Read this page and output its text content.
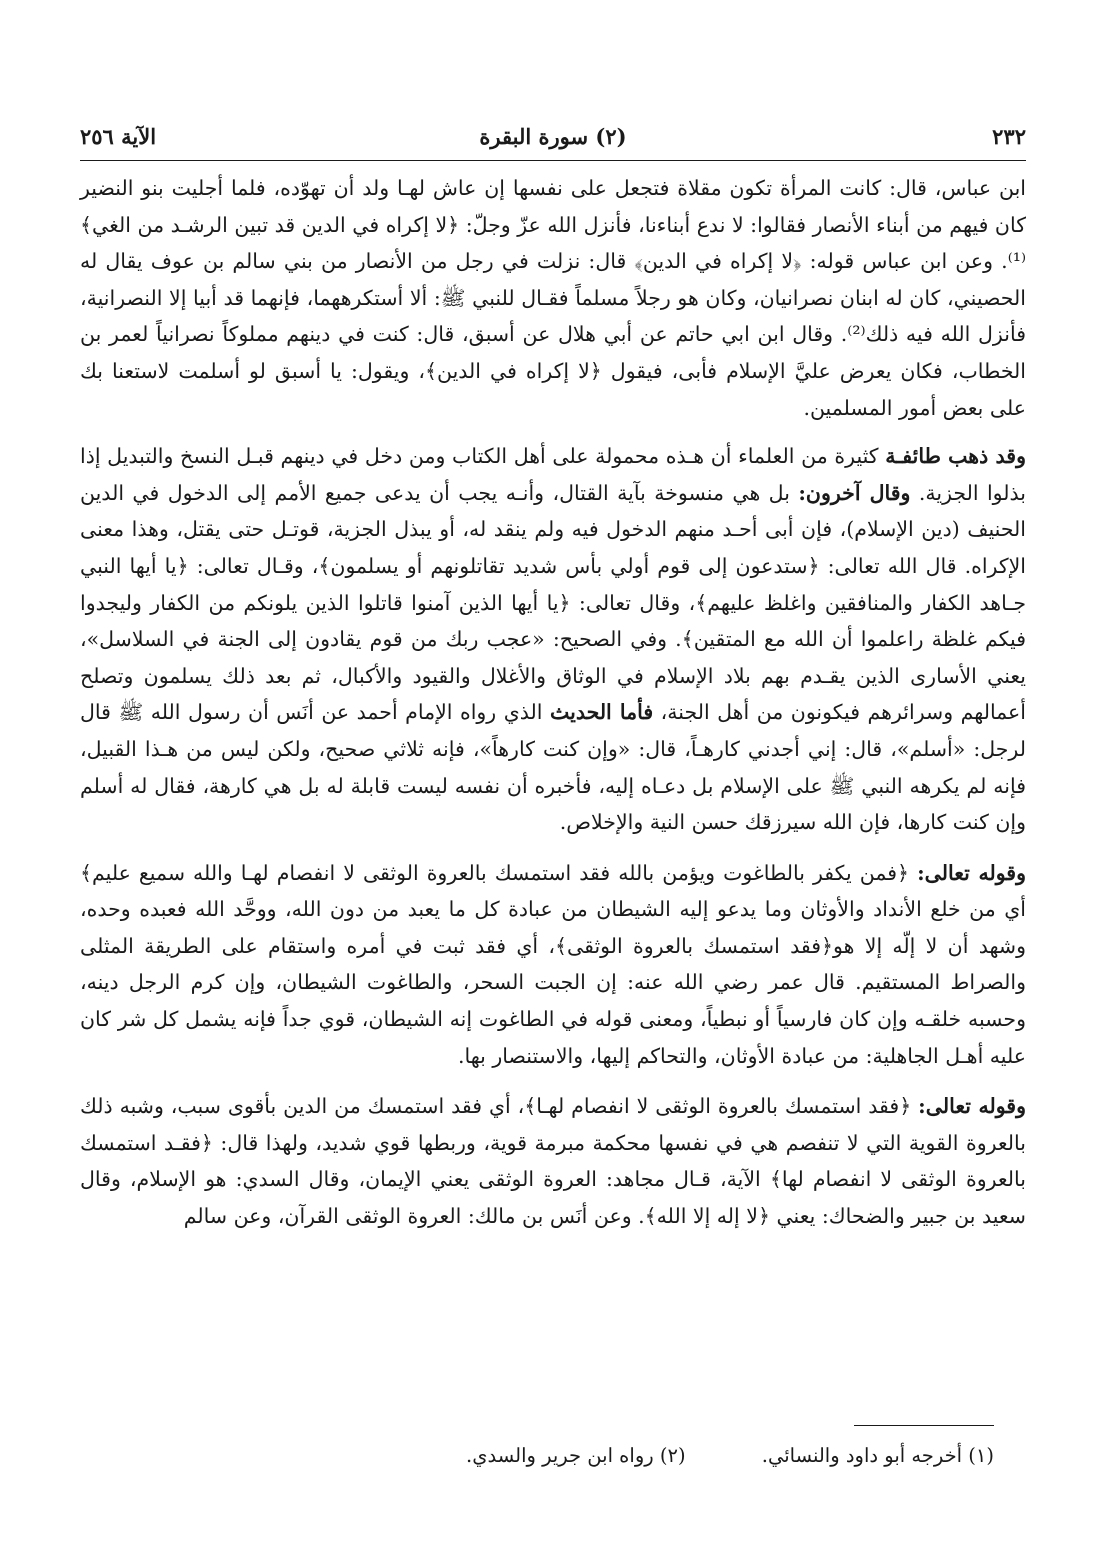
٢٣٢
(٢) سورة البقرة
الآية ٢٥٦

ابن عباس، قال: كانت المرأة تكون مقلاة فتجعل على نفسها إن عاش لهـا ولد أن تهوّده، فلما أجليت بنو النضير كان فيهم من أبناء الأنصار فقالوا: لا ندع أبناءنا، فأنزل الله عزّ وجلّ: ﴿لا إكراه في الدين قد تبين الرشـد من الغي﴾⁽¹⁾. وعن ابن عباس قوله: ﴿لا إكراه في الدين﴾ قال: نزلت في رجل من الأنصار من بني سالم بن عوف يقال له الحصيني، كان له ابنان نصرانيان، وكان هو رجلاً مسلماً فقـال للنبي ﷺ: ألا أستكرههما، فإنهما قد أبيا إلا النصرانية، فأنزل الله فيه ذلك⁽²⁾. وقال ابن ابي حاتم عن أبي هلال عن أسبق، قال: كنت في دينهم مملوكاً نصرانياً لعمر بن الخطاب، فكان يعرض عليَّ الإسلام فأبى، فيقول ﴿لا إكراه في الدين﴾، ويقول: يا أسبق لو أسلمت لاستعنا بك على بعض أمور المسلمين.

وقد ذهب طائفـة كثيرة من العلماء أن هـذه محمولة على أهل الكتاب ومن دخل في دينهم قبـل النسخ والتبديل إذا بذلوا الجزية. وقال آخرون: بل هي منسوخة بآية القتال، وأنـه يجب أن يدعى جميع الأمم إلى الدخول في الدين الحنيف (دين الإسلام)، فإن أبى أحـد منهم الدخول فيه ولم ينقد له، أو يبذل الجزية، قوتـل حتى يقتل، وهذا معنى الإكراه. قال الله تعالى: ﴿ستدعون إلى قوم أولي بأس شديد تقاتلونهم أو يسلمون﴾، وقـال تعالى: ﴿يا أيها النبي جـاهد الكفار والمنافقين واغلظ عليهم﴾، وقال تعالى: ﴿يا أيها الذين آمنوا قاتلوا الذين يلونكم من الكفار وليجدوا فيكم غلظة راعلموا أن الله مع المتقين﴾. وفي الصحيح: «عجب ربك من قوم يقادون إلى الجنة في السلاسل»، يعني الأسارى الذين يقـدم بهم بلاد الإسلام في الوثاق والأغلال والقيود والأكبال، ثم بعد ذلك يسلمون وتصلح أعمالهم وسرائرهم فيكونون من أهل الجنة، فأما الحديث الذي رواه الإمام أحمد عن أنَس أن رسول الله ﷺ قال لرجل: «أسلم»، قال: إني أجدني كارهـاً، قال: «وإن كنت كارهاً»، فإنه ثلاثي صحيح، ولكن ليس من هـذا القبيل، فإنه لم يكرهه النبي ﷺ على الإسلام بل دعـاه إليه، فأخبره أن نفسه ليست قابلة له بل هي كارهة، فقال له أسلم وإن كنت كارها، فإن الله سيرزقك حسن النية والإخلاص.

وقوله تعالى: ﴿فمن يكفر بالطاغوت ويؤمن بالله فقد استمسك بالعروة الوثقى لا انفصام لهـا والله سميع عليم﴾ أي من خلع الأنداد والأوثان وما يدعو إليه الشيطان من عبادة كل ما يعبد من دون الله، ووحَّد الله فعبده وحده، وشهد أن لا إلّه إلا هو﴿فقد استمسك بالعروة الوثقى﴾، أي فقد ثبت في أمره واستقام على الطريقة المثلى والصراط المستقيم. قال عمر رضي الله عنه: إن الجبت السحر، والطاغوت الشيطان، وإن كرم الرجل دينه، وحسبه خلقـه وإن كان فارسياً أو نبطياً، ومعنى قوله في الطاغوت إنه الشيطان، قوي جداً فإنه يشمل كل شر كان عليه أهـل الجاهلية: من عبادة الأوثان، والتحاكم إليها، والاستنصار بها.

وقوله تعالى: ﴿فقد استمسك بالعروة الوثقى لا انفصام لهـا﴾، أي فقد استمسك من الدين بأقوى سبب، وشبه ذلك بالعروة القوية التي لا تنفصم هي في نفسها محكمة مبرمة قوية، وربطها قوي شديد، ولهذا قال: ﴿فقـد استمسك بالعروة الوثقى لا انفصام لها﴾ الآية، قـال مجاهد: العروة الوثقى يعني الإيمان، وقال السدي: هو الإسلام، وقال سعيد بن جبير والضحاك: يعني ﴿لا إله إلا الله﴾. وعن أنَس بن مالك: العروة الوثقى القرآن، وعن سالم

(١) أخرجه أبو داود والنسائي. (٢) رواه ابن جرير والسدي.
